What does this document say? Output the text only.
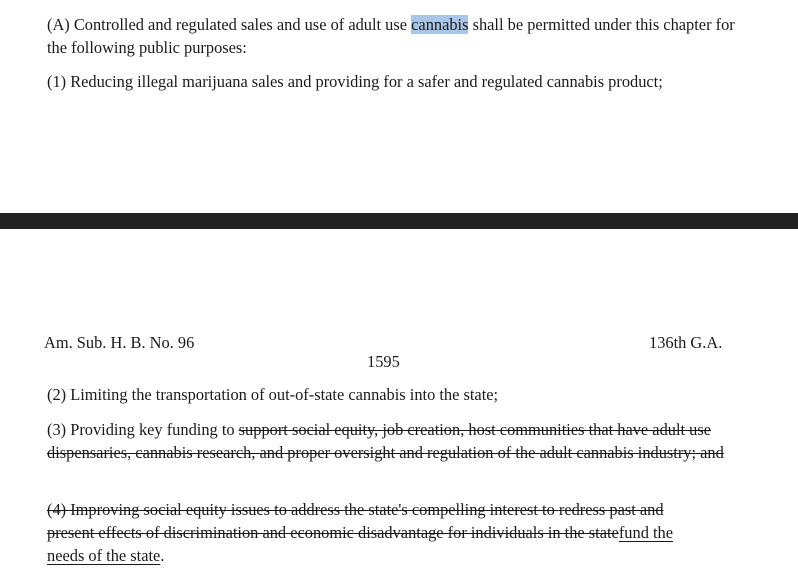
(A) Controlled and regulated sales and use of adult use cannabis shall be permitted under this chapter for the following public purposes:

(1) Reducing illegal marijuana sales and providing for a safer and regulated cannabis product;

Am. Sub. H. B. No. 96	136th G.A.

1595

(2) Limiting the transportation of out-of-state cannabis into the state;

(3) Providing key funding to support social equity, job creation, host communities that have adult use dispensaries, cannabis research, and proper oversight and regulation of the adult cannabis industry; and

(4) Improving social equity issues to address the state's compelling interest to redress past and present effects of discrimination and economic disadvantage for individuals in the statefund the needs of the state.
